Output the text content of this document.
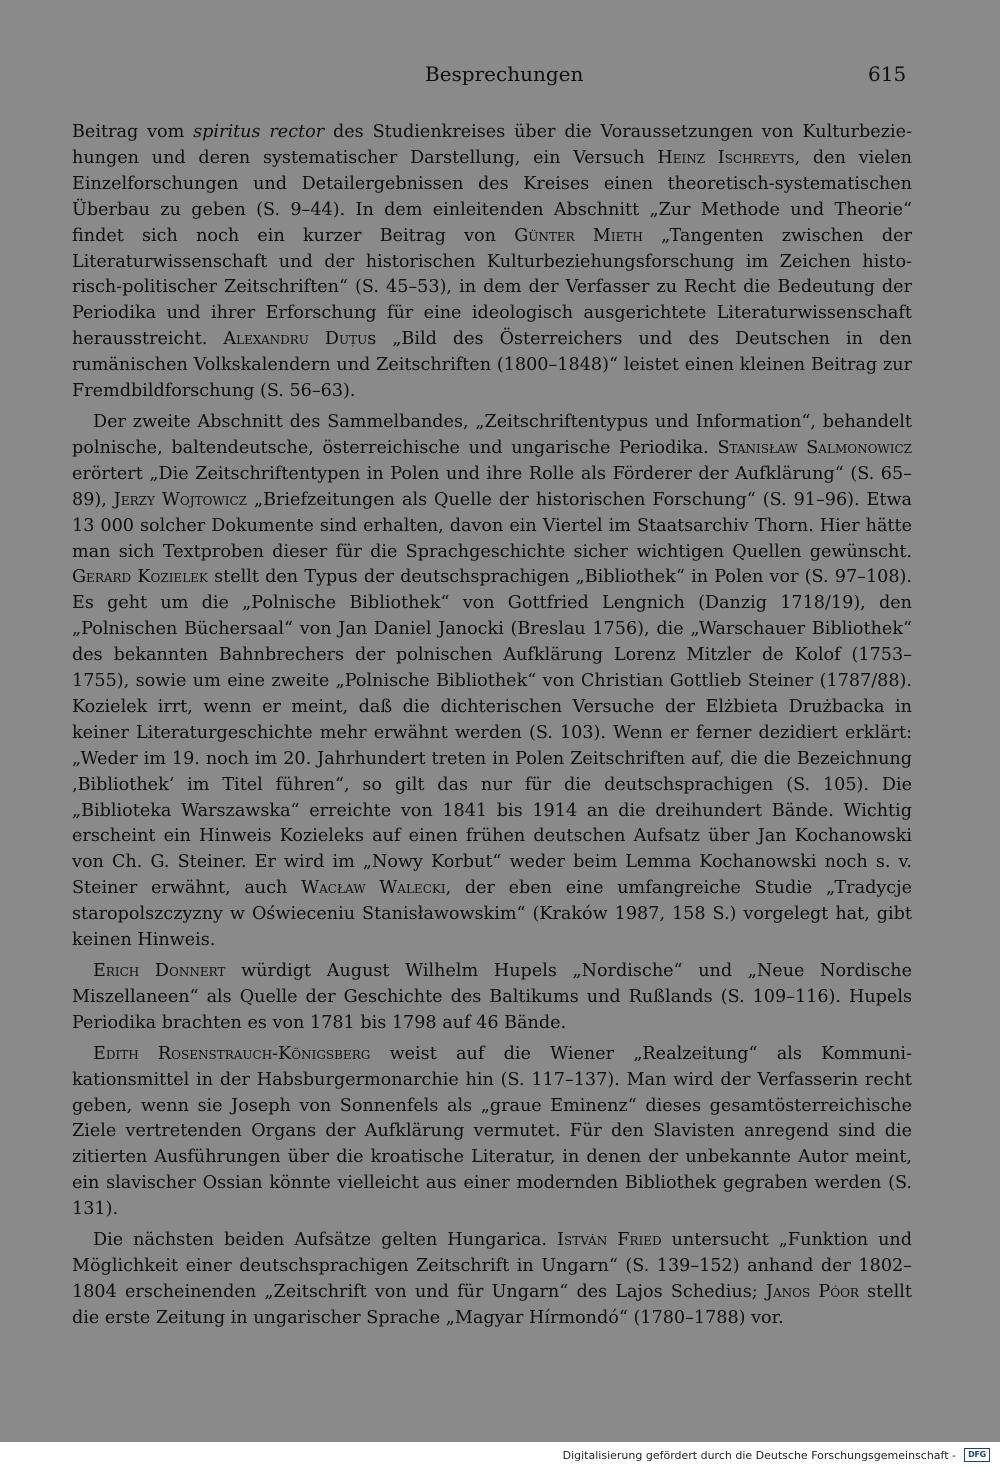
Besprechungen	615

Beitrag vom spiritus rector des Studienkreises über die Voraussetzungen von Kulturbeziehungen und deren systematischer Darstellung, ein Versuch Heinz Ischreyts, den vielen Einzelforschungen und Detailergebnissen des Kreises einen theoretisch-systematischen Überbau zu geben (S. 9–44). In dem einleitenden Abschnitt „Zur Methode und Theorie“ findet sich noch ein kurzer Beitrag von Günter Mieth „Tangenten zwischen der Literaturwissenschaft und der historischen Kulturbeziehungsforschung im Zeichen historisch-politischer Zeitschriften“ (S. 45–53), in dem der Verfasser zu Recht die Bedeutung der Periodika und ihrer Erforschung für eine ideologisch ausgerichtete Literaturwissenschaft herausstreicht. Alexandru Duțus „Bild des Österreichers und des Deutschen in den rumänischen Volkskalendern und Zeitschriften (1800–1848)“ leistet einen kleinen Beitrag zur Fremdbildforschung (S. 56–63).

Der zweite Abschnitt des Sammelbandes, „Zeitschriftentypus und Information“, behandelt polnische, baltendeutsche, österreichische und ungarische Periodika. Stanisław Salmonowicz erörtert „Die Zeitschriftentypen in Polen und ihre Rolle als Förderer der Aufklärung“ (S. 65–89), Jerzy Wojtowicz „Briefzeitungen als Quelle der historischen Forschung“ (S. 91–96). Etwa 13 000 solcher Dokumente sind erhalten, davon ein Viertel im Staatsarchiv Thorn. Hier hätte man sich Textproben dieser für die Sprachgeschichte sicher wichtigen Quellen gewünscht. Gerard Kozielek stellt den Typus der deutschsprachigen „Bibliothek“ in Polen vor (S. 97–108). Es geht um die „Polnische Bibliothek“ von Gottfried Lengnich (Danzig 1718/19), den „Polnischen Büchersaal“ von Jan Daniel Janocki (Breslau 1756), die „Warschauer Bibliothek“ des bekannten Bahnbrechers der polnischen Aufklärung Lorenz Mitzler de Kolof (1753–1755), sowie um eine zweite „Polnische Bibliothek“ von Christian Gottlieb Steiner (1787/88). Kozielek irrt, wenn er meint, daß die dichterischen Versuche der Elżbieta Drużbacka in keiner Literaturgeschichte mehr erwähnt werden (S. 103). Wenn er ferner dezidiert erklärt: „Weder im 19. noch im 20. Jahrhundert treten in Polen Zeitschriften auf, die die Bezeichnung ‚Bibliothek‘ im Titel führen“, so gilt das nur für die deutschsprachigen (S. 105). Die „Biblioteka Warszawska“ erreichte von 1841 bis 1914 an die dreihundert Bände. Wichtig erscheint ein Hinweis Kozieleks auf einen frühen deutschen Aufsatz über Jan Kochanowski von Ch. G. Steiner. Er wird im „Nowy Korbut“ weder beim Lemma Kochanowski noch s. v. Steiner erwähnt, auch Wacław Walecki, der eben eine umfangreiche Studie „Tradycje staropolszczyzny w Oświeceniu Stanisławowskim“ (Kraków 1987, 158 S.) vorgelegt hat, gibt keinen Hinweis.

Erich Donnert würdigt August Wilhelm Hupels „Nordische“ und „Neue Nordische Miszellaneen“ als Quelle der Geschichte des Baltikums und Rußlands (S. 109–116). Hupels Periodika brachten es von 1781 bis 1798 auf 46 Bände.

Edith Rosenstrauch-Königsberg weist auf die Wiener „Realzeitung“ als Kommunikationsmittel in der Habsburgermonarchie hin (S. 117–137). Man wird der Verfasserin recht geben, wenn sie Joseph von Sonnenfels als „graue Eminenz“ dieses gesamtösterreichische Ziele vertretenden Organs der Aufklärung vermutet. Für den Slavisten anregend sind die zitierten Ausführungen über die kroatische Literatur, in denen der unbekannte Autor meint, ein slavischer Ossian könnte vielleicht aus einer modernden Bibliothek gegraben werden (S. 131).

Die nächsten beiden Aufsätze gelten Hungarica. István Fried untersucht „Funktion und Möglichkeit einer deutschsprachigen Zeitschrift in Ungarn“ (S. 139–152) anhand der 1802–1804 erscheinenden „Zeitschrift von und für Ungarn“ des Lajos Schedius; Janos Póor stellt die erste Zeitung in ungarischer Sprache „Magyar Hírmondó“ (1780–1788) vor.

Digitalisierung gefördert durch die Deutsche Forschungsgemeinschaft -	DFG
